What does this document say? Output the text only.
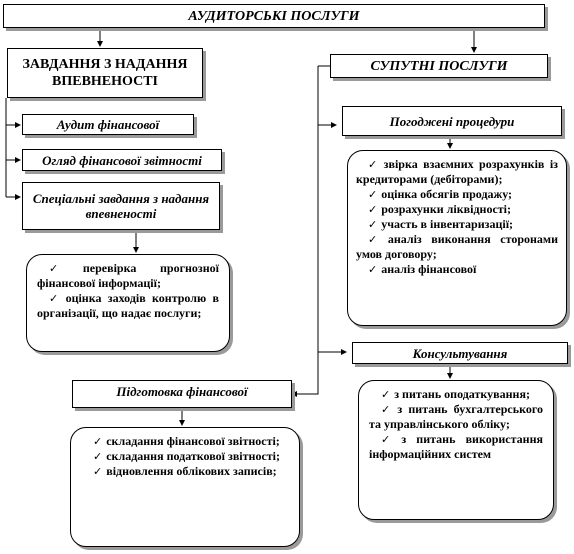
АУДИТОРСЬКІ ПОСЛУГИ
ЗАВДАННЯ З НАДАННЯ ВПЕВНЕНОСТІ
Аудит фінансової
Огляд фінансової звітності
Спеціальні завдання з надання впевненості
✓ перевірка прогнозної фінансової інформації;
✓ оцінка заходів контролю в організації, що надає послуги;
Підготовка фінансової
✓ складання фінансової звітності;
✓ складання податкової звітності;
✓ відновлення облікових записів;
СУПУТНІ ПОСЛУГИ
Погоджені процедури
✓ звірка взаємних розрахунків із кредиторами (дебіторами);
✓ оцінка обсягів продажу;
✓ розрахунки ліквідності;
✓ участь в інвентаризації;
✓ аналіз виконання сторонами умов договору;
✓ аналіз фінансової
Консультування
✓ з питань оподаткування;
✓ з питань бухгалтерського та управлінського обліку;
✓ з питань використання інформаційних систем
